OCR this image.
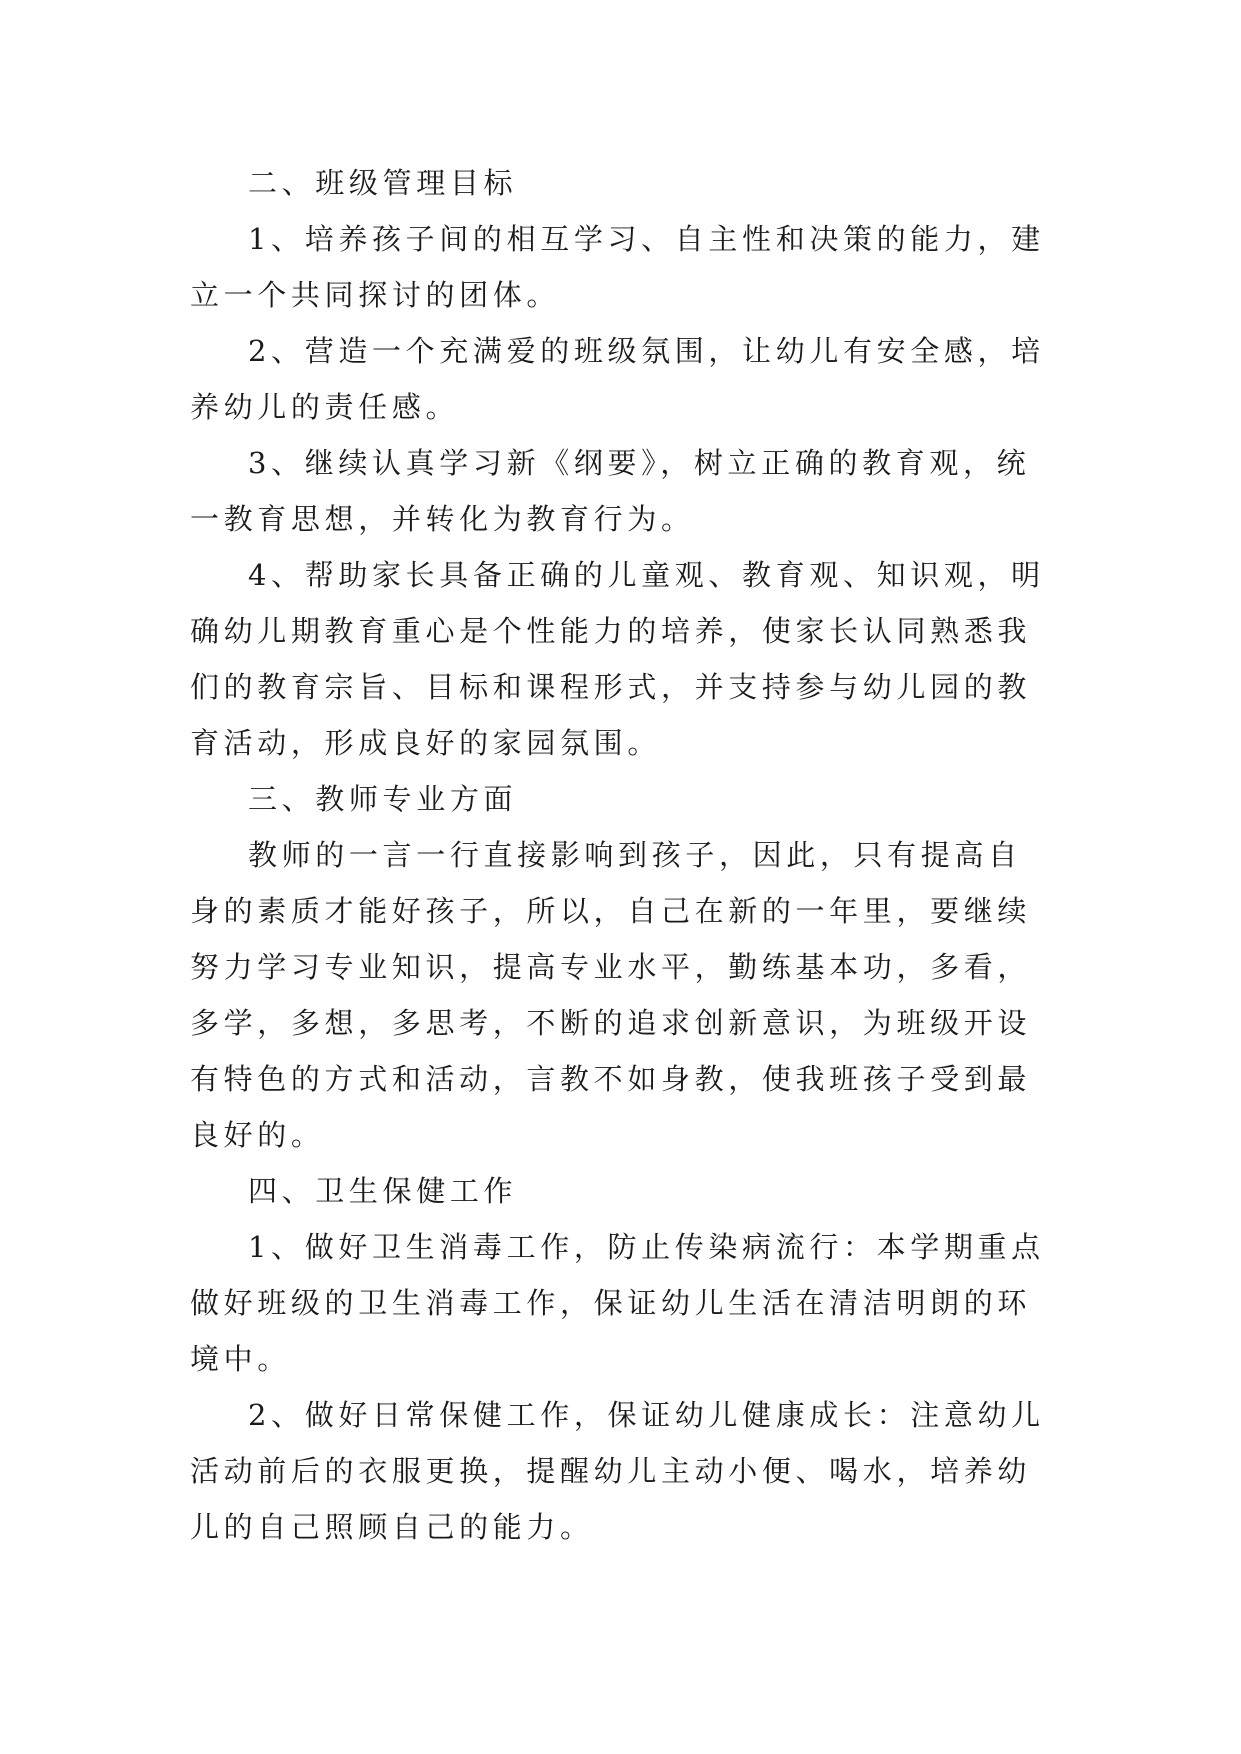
二、班级管理目标

1、培养孩子间的相互学习、自主性和决策的能力，建立一个共同探讨的团体。

2、营造一个充满爱的班级氛围，让幼儿有安全感，培养幼儿的责任感。

3、继续认真学习新《纲要》，树立正确的教育观，统一教育思想，并转化为教育行为。

4、帮助家长具备正确的儿童观、教育观、知识观，明确幼儿期教育重心是个性能力的培养，使家长认同熟悉我们的教育宗旨、目标和课程形式，并支持参与幼儿园的教育活动，形成良好的家园氛围。

三、教师专业方面

教师的一言一行直接影响到孩子，因此，只有提高自身的素质才能好孩子，所以，自己在新的一年里，要继续努力学习专业知识，提高专业水平，勤练基本功，多看，多学，多想，多思考，不断的追求创新意识，为班级开设有特色的方式和活动，言教不如身教，使我班孩子受到最良好的。

四、卫生保健工作

1、做好卫生消毒工作，防止传染病流行：本学期重点做好班级的卫生消毒工作，保证幼儿生活在清洁明朗的环境中。

2、做好日常保健工作，保证幼儿健康成长：注意幼儿活动前后的衣服更换，提醒幼儿主动小便、喝水，培养幼儿的自己照顾自己的能力。
